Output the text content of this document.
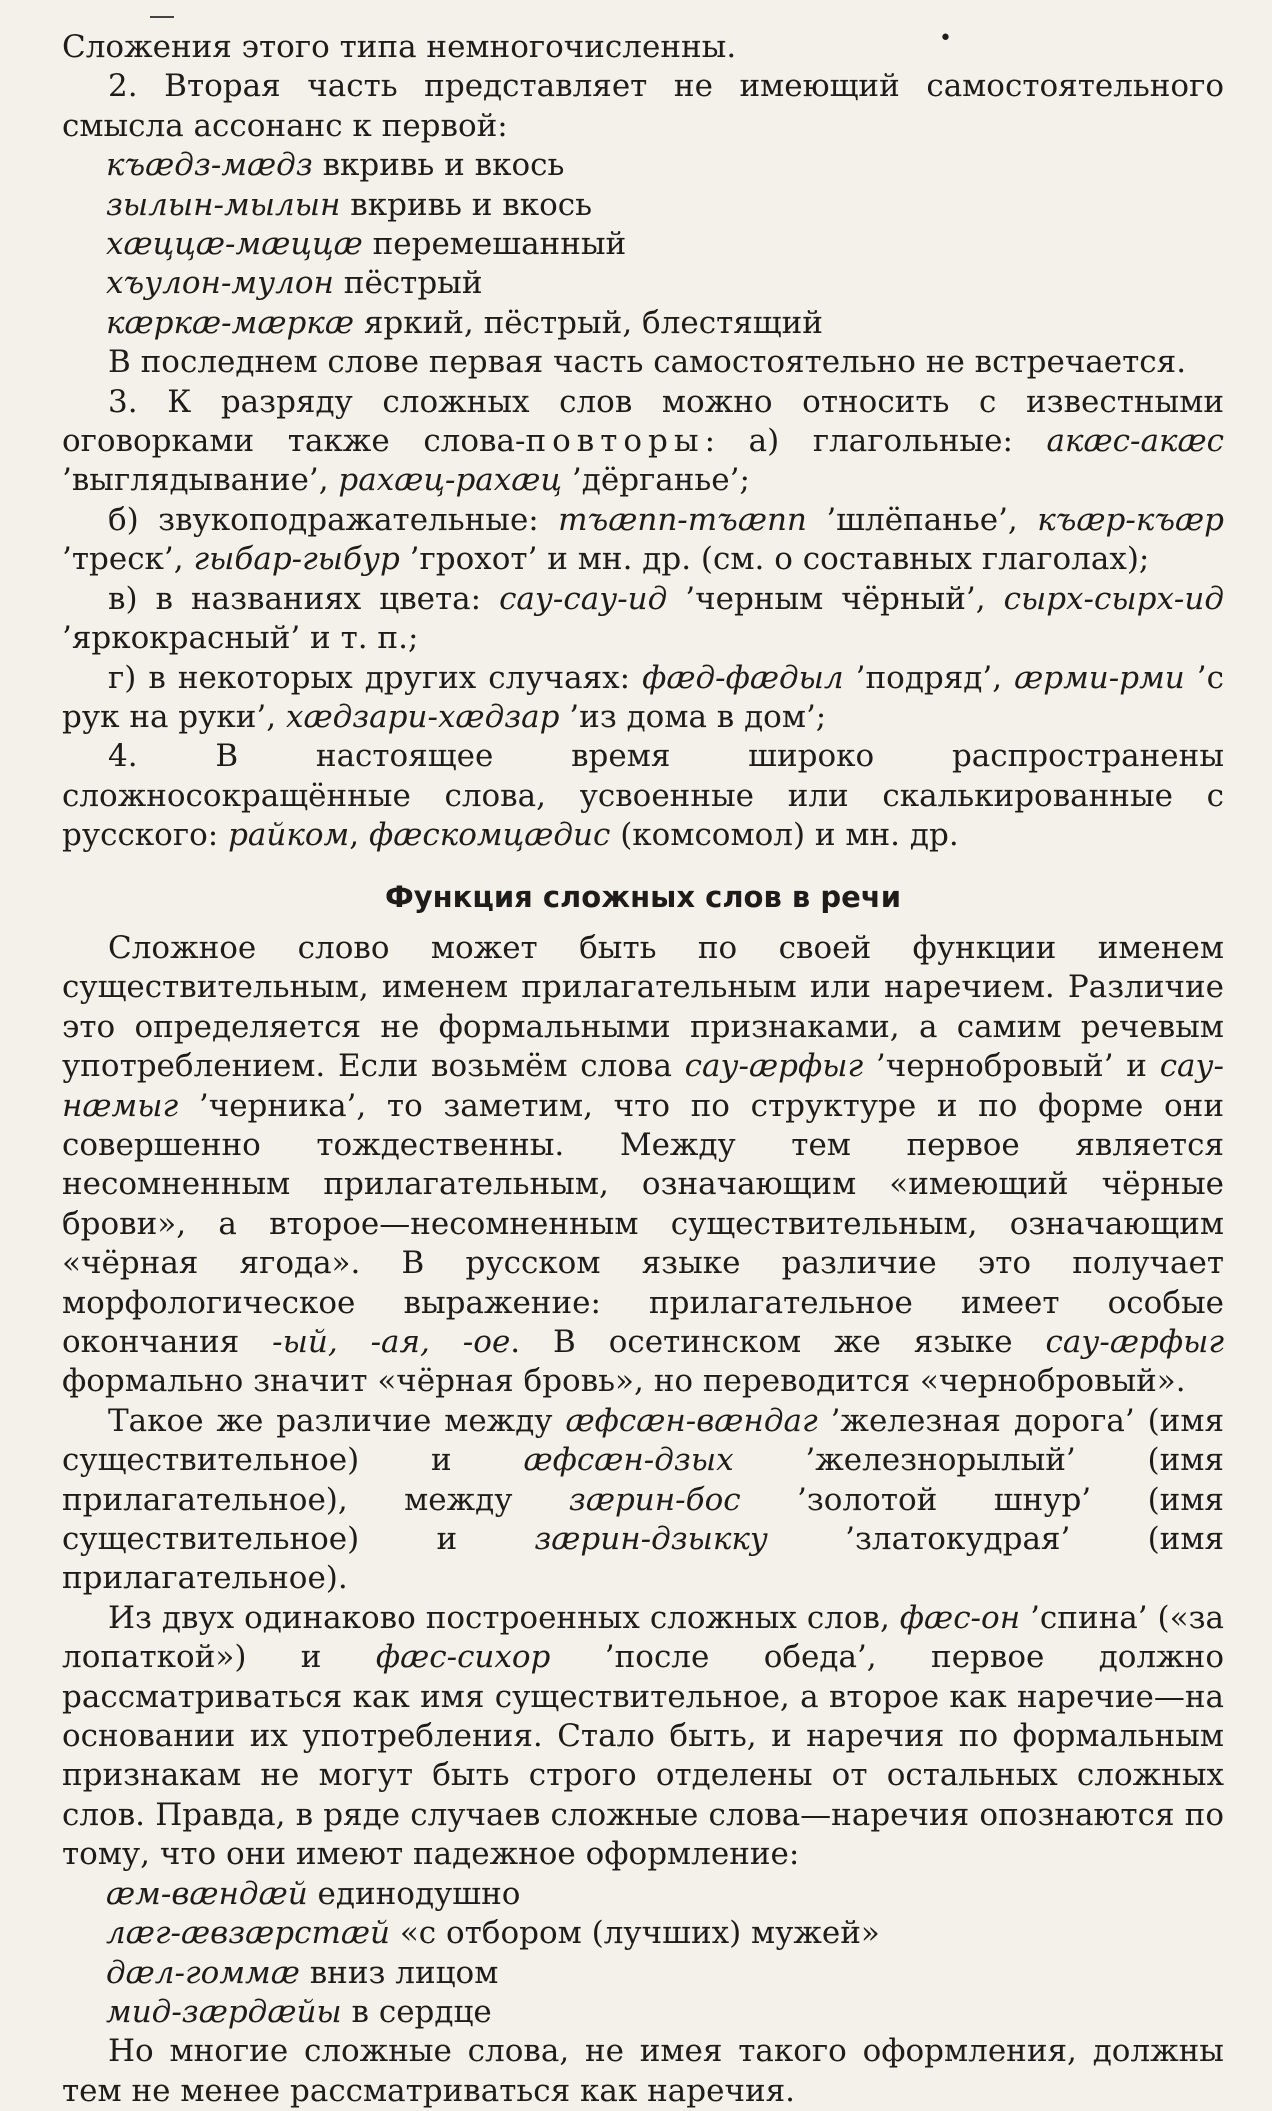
•

Сложения этого типа немногочисленны.

2. Вторая часть представляет не имеющий самостоятельного смысла ассонанс к первой:

къæдз-мæдз вкривь и вкось
зылын-мылын вкривь и вкось
хæццæ-мæццæ перемешанный
хъулон-мулон пёстрый
кæркæ-мæркæ яркий, пёстрый, блестящий

В последнем слове первая часть самостоятельно не встречается.

3. К разряду сложных слов можно относить с известными оговорками также слова-повторы: а) глагольные: акæс-акæс ’выглядывание’, рахæц-рахæц ’дёрганье’;

б) звукоподражательные: тъæпп-тъæпп ’шлёпанье’, къæр-къæр ’треск’, гыбар-гыбур ’грохот’ и мн. др. (см. о составных глаголах);

в) в названиях цвета: сау-сау-ид ’черным чёрный’, сырх-сырх-ид ’яркокрасный’ и т. п.;

г) в некоторых других случаях: фæд-фæдыл ’подряд’, æрми-рми ’с рук на руки’, хæдзари-хæдзар ’из дома в дом’;

4. В настоящее время широко распространены сложносокращённые слова, усвоенные или скалькированные с русского: райком, фæскомцæдис (комсомол) и мн. др.

Функция сложных слов в речи

Сложное слово может быть по своей функции именем существительным, именем прилагательным или наречием. Различие это определяется не формальными признаками, а самим речевым употреблением. Если возьмём слова сау-æрфыг ’чернобровый’ и сау-нæмыг ’черника’, то заметим, что по структуре и по форме они совершенно тождественны. Между тем первое является несомненным прилагательным, означающим «имеющий чёрные брови», а второе—несомненным существительным, означающим «чёрная ягода». В русском языке различие это получает морфологическое выражение: прилагательное имеет особые окончания -ый, -ая, -ое. В осетинском же языке сау-æрфыг формально значит «чёрная бровь», но переводится «чернобровый».

Такое же различие между æфсæн-вæндаг ’железная дорога’ (имя существительное) и æфсæн-дзых ’железнорылый’ (имя прилагательное), между зæрин-бос ’золотой шнур’ (имя существительное) и зæрин-дзыкку ’златокудрая’ (имя прилагательное).

Из двух одинаково построенных сложных слов, фæс-он ’спина’ («за лопаткой») и фæс-сихор ’после обеда’, первое должно рассматриваться как имя существительное, а второе как наречие—на основании их употребления. Стало быть, и наречия по формальным признакам не могут быть строго отделены от остальных сложных слов. Правда, в ряде случаев сложные слова—наречия опознаются по тому, что они имеют падежное оформление:

æм-вæндæй единодушно
лæг-æвзæрстæй «с отбором (лучших) мужей»
дæл-гоммæ вниз лицом
мид-зæрдæйы в сердце

Но многие сложные слова, не имея такого оформления, должны тем не менее рассматриваться как наречия.
